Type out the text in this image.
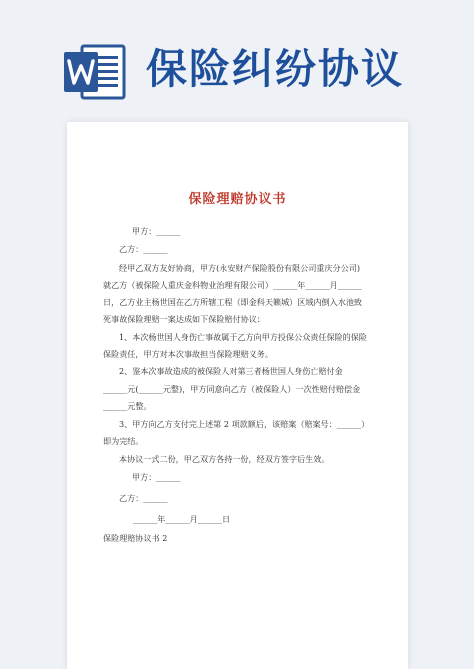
保险纠纷协议
保险理赔协议书
甲方：______
乙方：______
经甲乙双方友好协商，甲方(永安财产保险股份有限公司重庆分公司)
就乙方（被保险人重庆金科物业治理有限公司）______年______月______
日，乙方业主杨世国在乙方所辖工程（即金科天籁城）区域内倒入水池致
死事故保险理赔一案达成如下保险赔付协议：
1、本次杨世国人身伤亡事故属于乙方向甲方投保公众责任保险的保险
保险责任，甲方对本次事故担当保险理赔义务。
2、鉴本次事故造成的被保险人对第三者杨世国人身伤亡赔付金
______元(______元整)，甲方同意向乙方（被保险人）一次性赔付赔偿金
______元整。
3、甲方向乙方支付完上述第 2 项款额后，该赔案（赔案号：______）
即为完结。
本协议一式二份，甲乙双方各持一份，经双方签字后生效。
甲方：______
乙方：______
______年______月______日
保险理赔协议书 2
